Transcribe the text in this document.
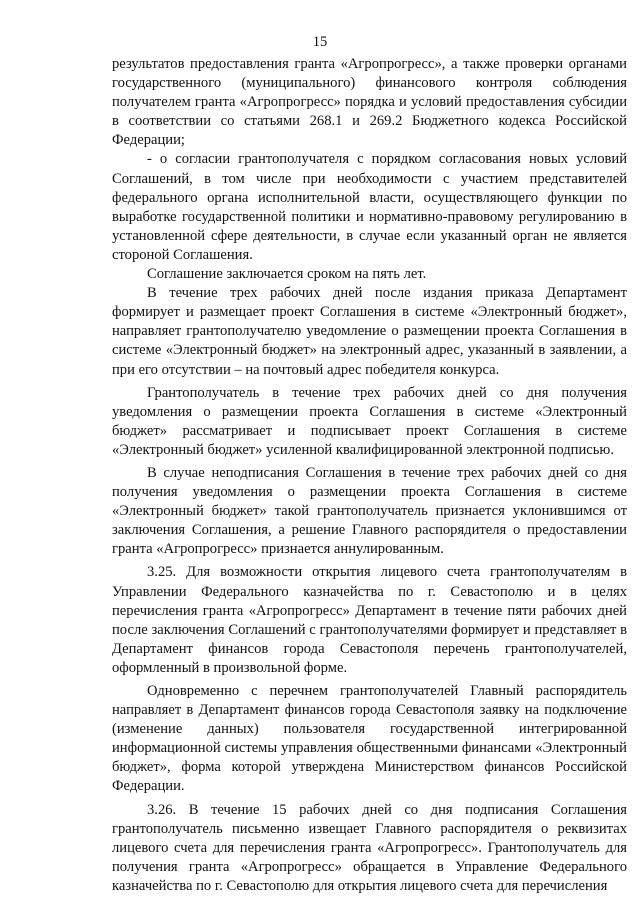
15

результатов предоставления гранта «Агропрогресс», а также проверки органами государственного (муниципального) финансового контроля соблюдения получателем гранта «Агропрогресс» порядка и условий предоставления субсидии в соответствии со статьями 268.1 и 269.2 Бюджетного кодекса Российской Федерации;

- о согласии грантополучателя с порядком согласования новых условий Соглашений, в том числе при необходимости с участием представителей федерального органа исполнительной власти, осуществляющего функции по выработке государственной политики и нормативно-правовому регулированию в установленной сфере деятельности, в случае если указанный орган не является стороной Соглашения.

Соглашение заключается сроком на пять лет.

В течение трех рабочих дней после издания приказа Департамент формирует и размещает проект Соглашения в системе «Электронный бюджет», направляет грантополучателю уведомление о размещении проекта Соглашения в системе «Электронный бюджет» на электронный адрес, указанный в заявлении, а при его отсутствии – на почтовый адрес победителя конкурса.

Грантополучатель в течение трех рабочих дней со дня получения уведомления о размещении проекта Соглашения в системе «Электронный бюджет» рассматривает и подписывает проект Соглашения в системе «Электронный бюджет» усиленной квалифицированной электронной подписью.

В случае неподписания Соглашения в течение трех рабочих дней со дня получения уведомления о размещении проекта Соглашения в системе «Электронный бюджет» такой грантополучатель признается уклонившимся от заключения Соглашения, а решение Главного распорядителя о предоставлении гранта «Агропрогресс» признается аннулированным.

3.25. Для возможности открытия лицевого счета грантополучателям в Управлении Федерального казначейства по г. Севастополю и в целях перечисления гранта «Агропрогресс» Департамент в течение пяти рабочих дней после заключения Соглашений с грантополучателями формирует и представляет в Департамент финансов города Севастополя перечень грантополучателей, оформленный в произвольной форме.

Одновременно с перечнем грантополучателей Главный распорядитель направляет в Департамент финансов города Севастополя заявку на подключение (изменение данных) пользователя государственной интегрированной информационной системы управления общественными финансами «Электронный бюджет», форма которой утверждена Министерством финансов Российской Федерации.

3.26. В течение 15 рабочих дней со дня подписания Соглашения грантополучатель письменно извещает Главного распорядителя о реквизитах лицевого счета для перечисления гранта «Агропрогресс». Грантополучатель для получения гранта «Агропрогресс» обращается в Управление Федерального казначейства по г. Севастополю для открытия лицевого счета для перечисления
